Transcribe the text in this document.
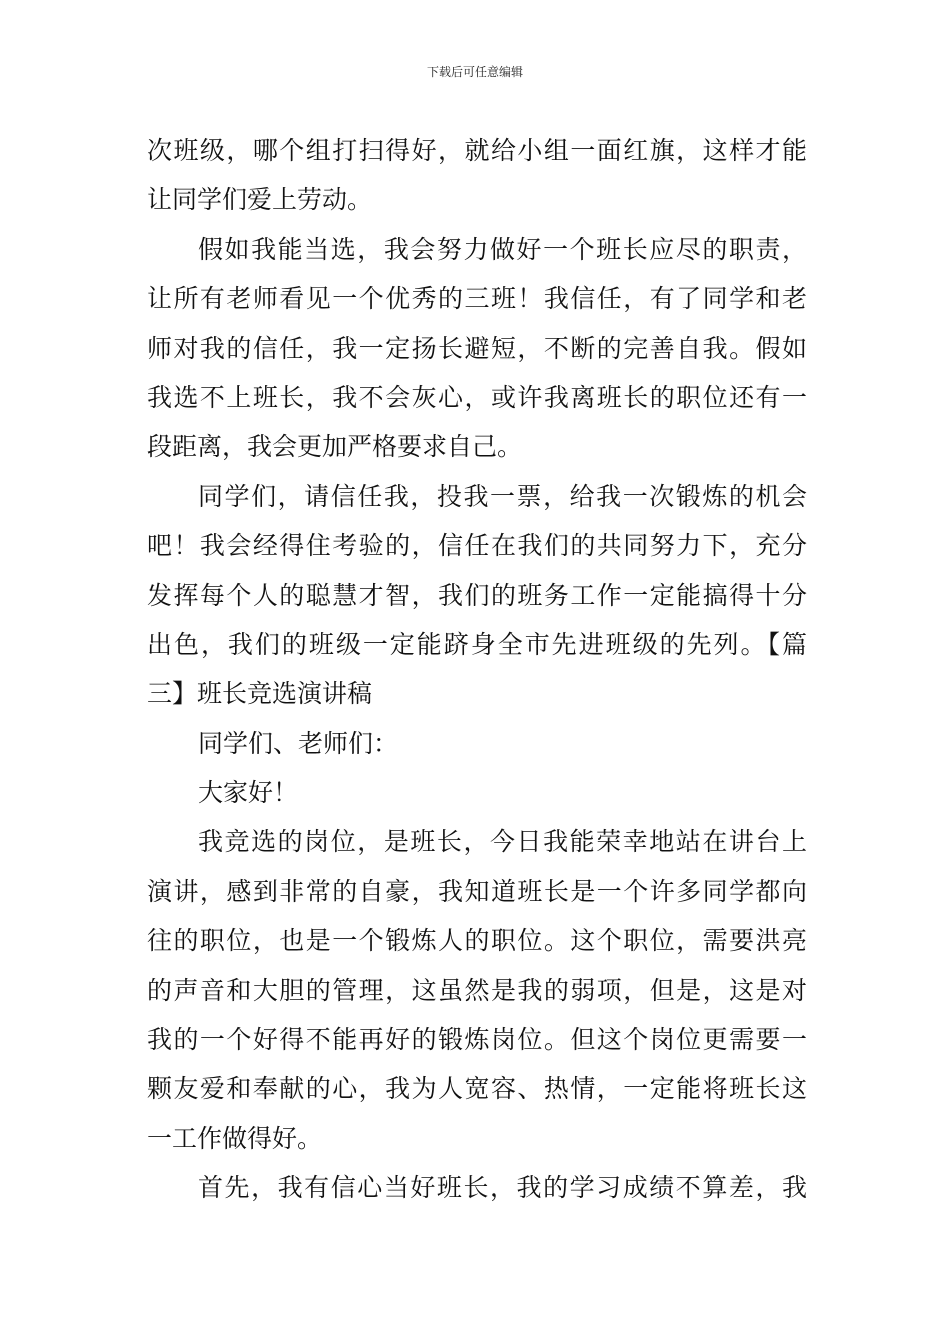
下载后可任意编辑
次班级，哪个组打扫得好，就给小组一面红旗，这样才能
让同学们爱上劳动。
假如我能当选，我会努力做好一个班长应尽的职责，
让所有老师看见一个优秀的三班！我信任，有了同学和老
师对我的信任，我一定扬长避短，不断的完善自我。假如
我选不上班长，我不会灰心，或许我离班长的职位还有一
段距离，我会更加严格要求自己。
同学们，请信任我，投我一票，给我一次锻炼的机会
吧！我会经得住考验的，信任在我们的共同努力下，充分
发挥每个人的聪慧才智，我们的班务工作一定能搞得十分
出色，我们的班级一定能跻身全市先进班级的先列。【篇
三】班长竞选演讲稿
同学们、老师们：
大家好！
我竞选的岗位，是班长，今日我能荣幸地站在讲台上
演讲，感到非常的自豪，我知道班长是一个许多同学都向
往的职位，也是一个锻炼人的职位。这个职位，需要洪亮
的声音和大胆的管理，这虽然是我的弱项，但是，这是对
我的一个好得不能再好的锻炼岗位。但这个岗位更需要一
颗友爱和奉献的心，我为人宽容、热情，一定能将班长这
一工作做得好。
首先，我有信心当好班长，我的学习成绩不算差，我
